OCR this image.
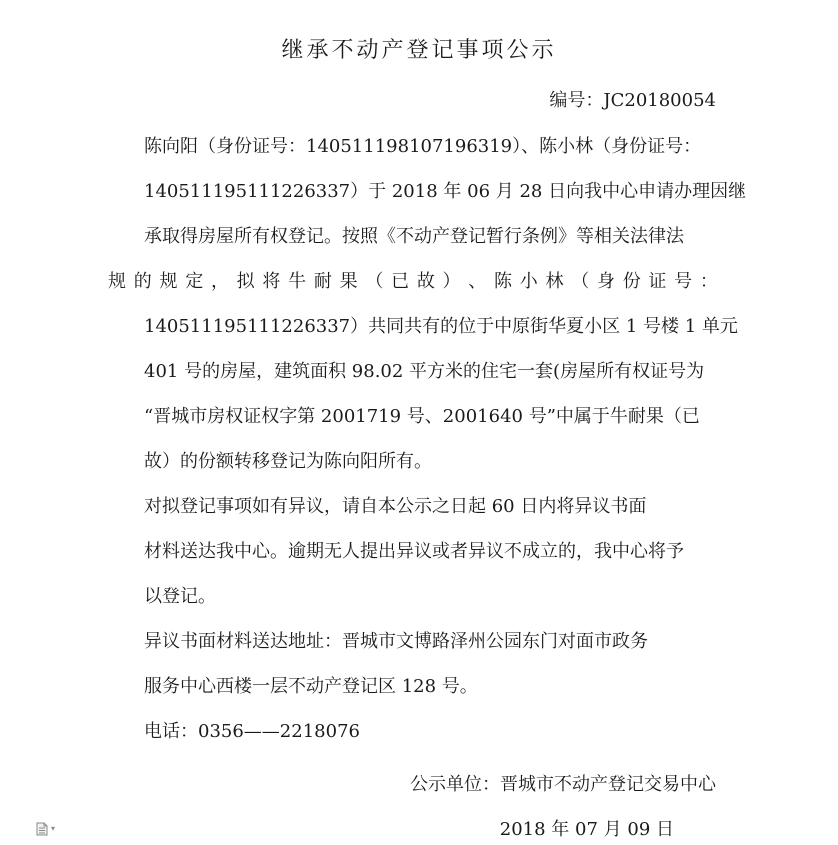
继承不动产登记事项公示
编号：JC20180054
陈向阳（身份证号：140511198107196319）、陈小林（身份证号：
140511195111226337）于 2018 年 06 月 28 日向我中心申请办理因继
承取得房屋所有权登记。按照《不动产登记暂行条例》等相关法律法
规 的 规 定 ， 拟 将 牛 耐 果 （ 已 故 ） 、 陈 小 林 （ 身 份 证 号 ：
140511195111226337）共同共有的位于中原街华夏小区 1 号楼 1 单元
401 号的房屋，建筑面积 98.02 平方米的住宅一套(房屋所有权证号为
“晋城市房权证权字第 2001719 号、2001640 号”中属于牛耐果（已
故）的份额转移登记为陈向阳所有。
对拟登记事项如有异议，请自本公示之日起 60 日内将异议书面
材料送达我中心。逾期无人提出异议或者异议不成立的，我中心将予
以登记。
异议书面材料送达地址：晋城市文博路泽州公园东门对面市政务
服务中心西楼一层不动产登记区 128 号。
电话：0356——2218076
公示单位：晋城市不动产登记交易中心
2018 年 07 月 09 日
▾
